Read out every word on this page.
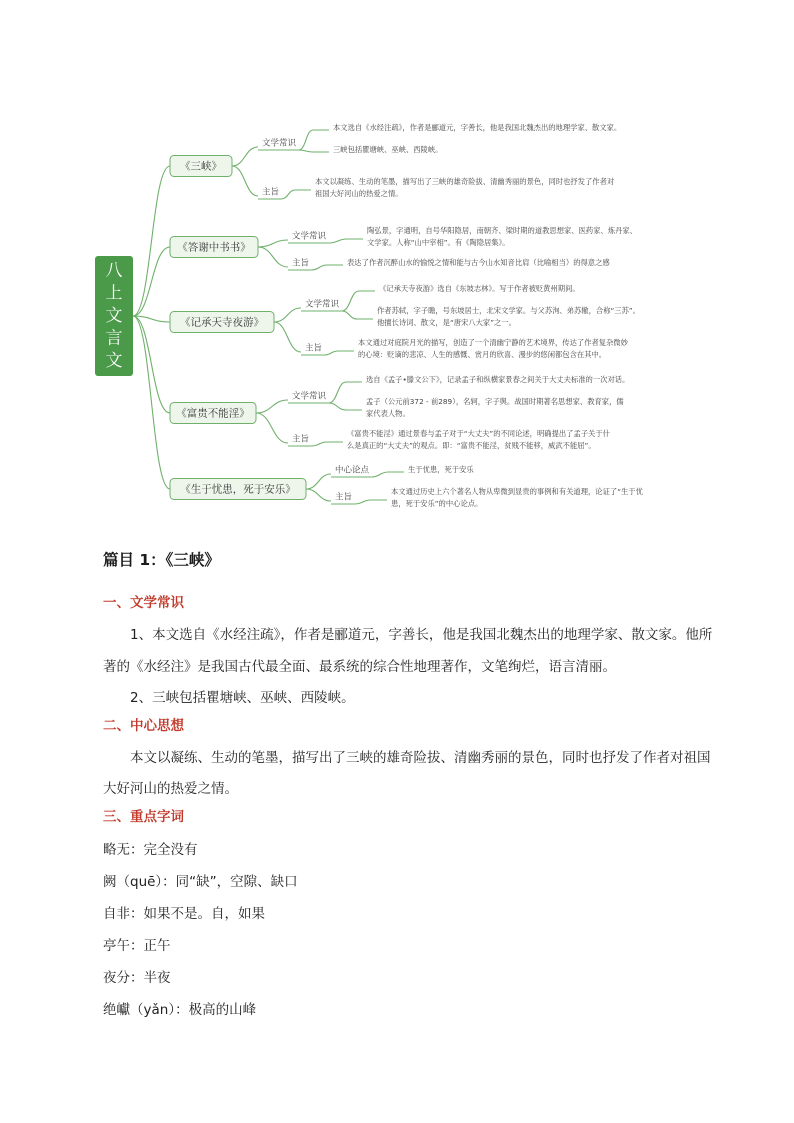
八
上
文
言
文
《三峡》
文学常识
本文选自《水经注疏》，作者是郦道元，字善长，他是我国北魏杰出的地理学家、散文家。
三峡包括瞿塘峡、巫峡、西陵峡。
主旨
本文以凝练、生动的笔墨，描写出了三峡的雄奇险拔、清幽秀丽的景色，同时也抒发了作者对
祖国大好河山的热爱之情。
《答谢中书书》
文学常识
陶弘景，字通明，自号华阳隐居，南朝齐、梁时期的道教思想家、医药家、炼丹家、
文学家。人称“山中宰相”。有《陶隐居集》。
主旨	表达了作者沉醉山水的愉悦之情和能与古今山水知音比肩（比喻相当）的得意之感
《记承天寺夜游》
文学常识
《记承天寺夜游》选自《东坡志林》。写于作者被贬黄州期间。
作者苏轼，字子瞻，号东坡居士，北宋文学家。与父苏洵、弟苏辙，合称“三苏”。
他擅长诗词、散文，是“唐宋八大家”之一。
主旨
本文通过对庭院月光的描写，创造了一个清幽宁静的艺术境界，传达了作者复杂微妙
的心境：贬谪的悲凉、人生的感慨、赏月的欣喜、漫步的悠闲都包含在其中。
《富贵不能淫》
文学常识
选自《孟子•滕文公下》，记录孟子和纵横家景春之间关于大丈夫标准的一次对话。
孟子（公元前372 - 前289），名轲，字子舆。战国时期著名思想家、教育家，儒
家代表人物。
主旨
《富贵不能淫》通过景春与孟子对于“大丈夫”的不同论述，明确提出了孟子关于什
么是真正的“大丈夫”的观点。即：“富贵不能淫，贫贱不能移，威武不能屈”。
《生于忧患，死于安乐》
中心论点	生于忧患，死于安乐
主旨
本文通过历史上六个著名人物从卑微到显贵的事例和有关道理，论证了“生于忧
患，死于安乐”的中心论点。
篇目 1：《三峡》
一、文学常识

1、本文选自《水经注疏》，作者是郦道元，字善长，他是我国北魏杰出的地理学家、散文家。他所著的《水经注》是我国古代最全面、最系统的综合性地理著作，文笔绚烂，语言清丽。

2、三峡包括瞿塘峡、巫峡、西陵峡。

二、中心思想

本文以凝练、生动的笔墨，描写出了三峡的雄奇险拔、清幽秀丽的景色，同时也抒发了作者对祖国大好河山的热爱之情。

三、重点字词
略无：完全没有
阙（quē）：同“缺”，空隙、缺口
自非：如果不是。自，如果
亭午：正午
夜分：半夜
绝巘（yǎn）：极高的山峰
